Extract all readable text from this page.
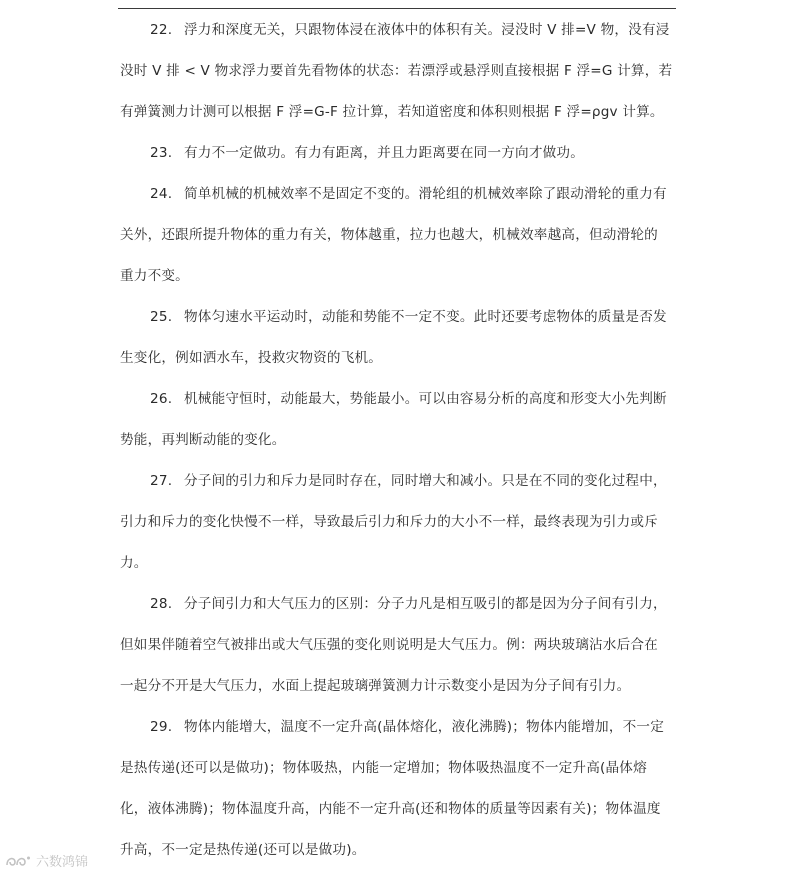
22. 浮力和深度无关，只跟物体浸在液体中的体积有关。浸没时 V 排=V 物，没有浸
没时 V 排 < V 物求浮力要首先看物体的状态：若漂浮或悬浮则直接根据 F 浮=G 计算，若
有弹簧测力计测可以根据 F 浮=G-F 拉计算，若知道密度和体积则根据 F 浮=ρgv 计算。
23. 有力不一定做功。有力有距离，并且力距离要在同一方向才做功。
24. 简单机械的机械效率不是固定不变的。滑轮组的机械效率除了跟动滑轮的重力有
关外，还跟所提升物体的重力有关，物体越重，拉力也越大，机械效率越高，但动滑轮的
重力不变。
25. 物体匀速水平运动时，动能和势能不一定不变。此时还要考虑物体的质量是否发
生变化，例如洒水车，投救灾物资的飞机。
26. 机械能守恒时，动能最大，势能最小。可以由容易分析的高度和形变大小先判断
势能，再判断动能的变化。
27. 分子间的引力和斥力是同时存在，同时增大和减小。只是在不同的变化过程中，
引力和斥力的变化快慢不一样，导致最后引力和斥力的大小不一样，最终表现为引力或斥
力。
28. 分子间引力和大气压力的区别：分子力凡是相互吸引的都是因为分子间有引力，
但如果伴随着空气被排出或大气压强的变化则说明是大气压力。例：两块玻璃沾水后合在
一起分不开是大气压力，水面上提起玻璃弹簧测力计示数变小是因为分子间有引力。
29. 物体内能增大，温度不一定升高(晶体熔化，液化沸腾)；物体内能增加，不一定
是热传递(还可以是做功)；物体吸热，内能一定增加；物体吸热温度不一定升高(晶体熔
化，液体沸腾)；物体温度升高，内能不一定升高(还和物体的质量等因素有关)；物体温度
升高，不一定是热传递(还可以是做功)。
六数鸿锦
